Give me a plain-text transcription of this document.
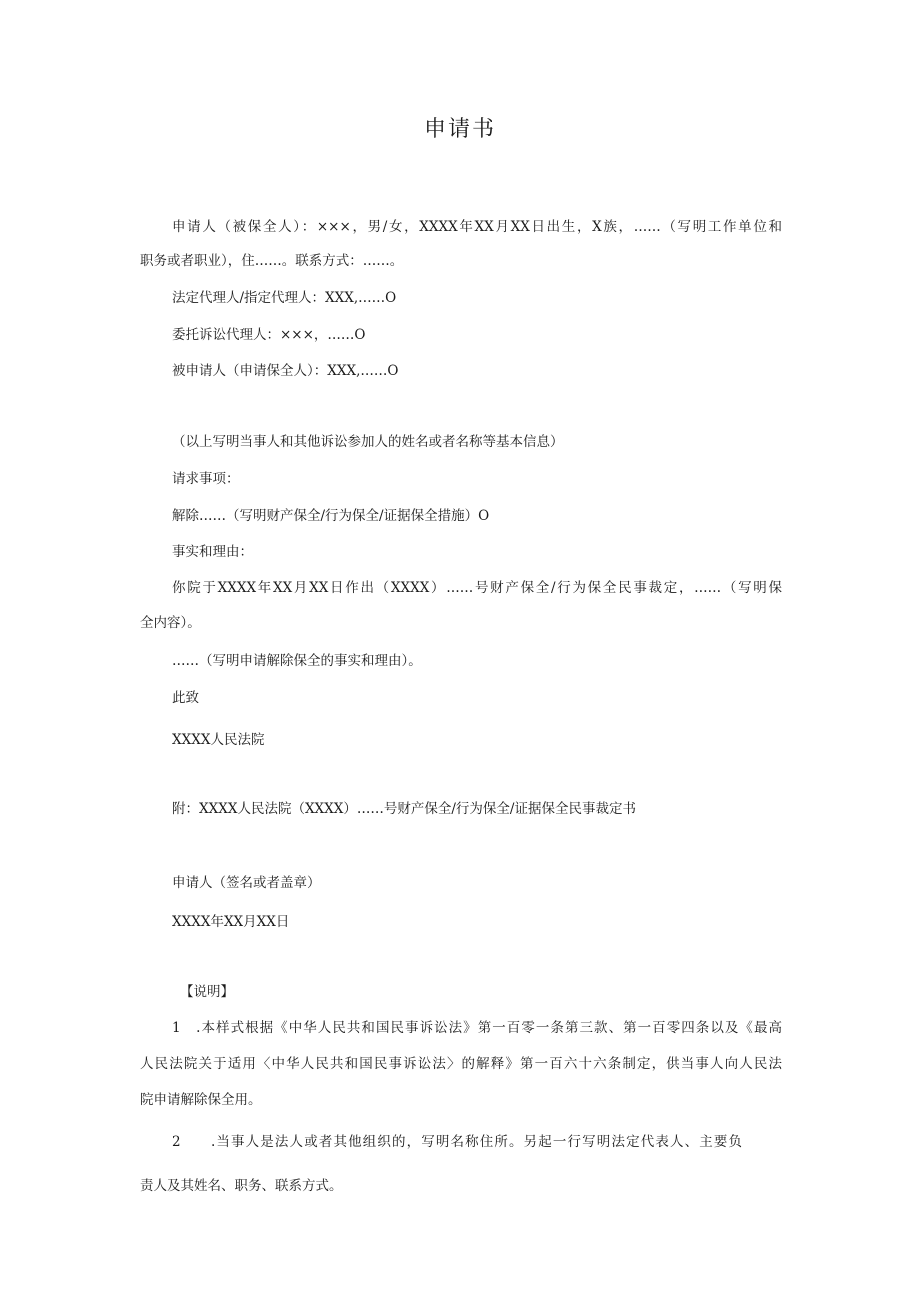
申请书
申请人（被保全人）：×××，男/女，XXXX年XX月XX日出生，X族，……（写明工作单位和
职务或者职业），住……。联系方式：……。
法定代理人/指定代理人：XXX,……O
委托诉讼代理人：×××，……O
被申请人（申请保全人）：XXX,……O
（以上写明当事人和其他诉讼参加人的姓名或者名称等基本信息）
请求事项：
解除……（写明财产保全/行为保全/证据保全措施）O
事实和理由：
你院于XXXX年XX月XX日作出（XXXX）……号财产保全/行为保全民事裁定，……（写明保
全内容）。
……（写明申请解除保全的事实和理由）。
此致
XXXX人民法院
附：XXXX人民法院（XXXX）……号财产保全/行为保全/证据保全民事裁定书
申请人（签名或者盖章）
XXXX年XX月XX日
【说明】
1　.本样式根据《中华人民共和国民事诉讼法》第一百零一条第三款、第一百零四条以及《最高
人民法院关于适用〈中华人民共和国民事诉讼法〉的解释》第一百六十六条制定，供当事人向人民法
院申请解除保全用。
2　　.当事人是法人或者其他组织的，写明名称住所。另起一行写明法定代表人、主要负
责人及其姓名、职务、联系方式。
